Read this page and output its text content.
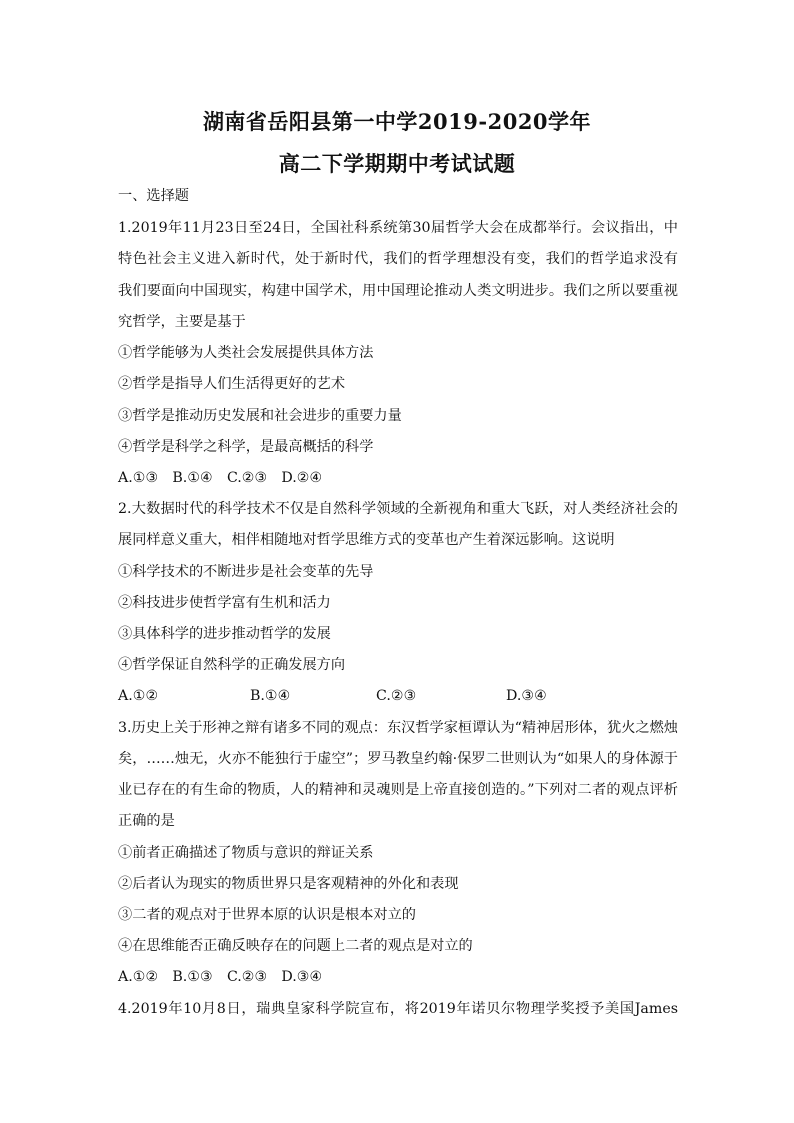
湖南省岳阳县第一中学2019-2020学年
高二下学期期中考试试题
一、选择题
1.2019年11月23日至24日，全国社科系统第30届哲学大会在成都举行。会议指出，中
特色社会主义进入新时代，处于新时代，我们的哲学理想没有变，我们的哲学追求没有
我们要面向中国现实，构建中国学术，用中国理论推动人类文明进步。我们之所以要重视
究哲学，主要是基于
①哲学能够为人类社会发展提供具体方法
②哲学是指导人们生活得更好的艺术
③哲学是推动历史发展和社会进步的重要力量
④哲学是科学之科学，是最高概括的科学
A.①③　B.①④　C.②③　D.②④
2.大数据时代的科学技术不仅是自然科学领域的全新视角和重大飞跃，对人类经济社会的
展同样意义重大，相伴相随地对哲学思维方式的变革也产生着深远影响。这说明
①科学技术的不断进步是社会变革的先导
②科技进步使哲学富有生机和活力
③具体科学的进步推动哲学的发展
④哲学保证自然科学的正确发展方向
A.①②	B.①④	C.②③	D.③④
3.历史上关于形神之辩有诸多不同的观点：东汉哲学家桓谭认为“精神居形体，犹火之燃烛
矣，……烛无，火亦不能独行于虚空”；罗马教皇约翰·保罗二世则认为“如果人的身体源于
业已存在的有生命的物质，人的精神和灵魂则是上帝直接创造的。”下列对二者的观点评析
正确的是
①前者正确描述了物质与意识的辩证关系
②后者认为现实的物质世界只是客观精神的外化和表现
③二者的观点对于世界本原的认识是根本对立的
④在思维能否正确反映存在的问题上二者的观点是对立的
A.①②　B.①③　C.②③　D.③④
4.2019年10月8日，瑞典皇家科学院宣布，将2019年诺贝尔物理学奖授予美国James
